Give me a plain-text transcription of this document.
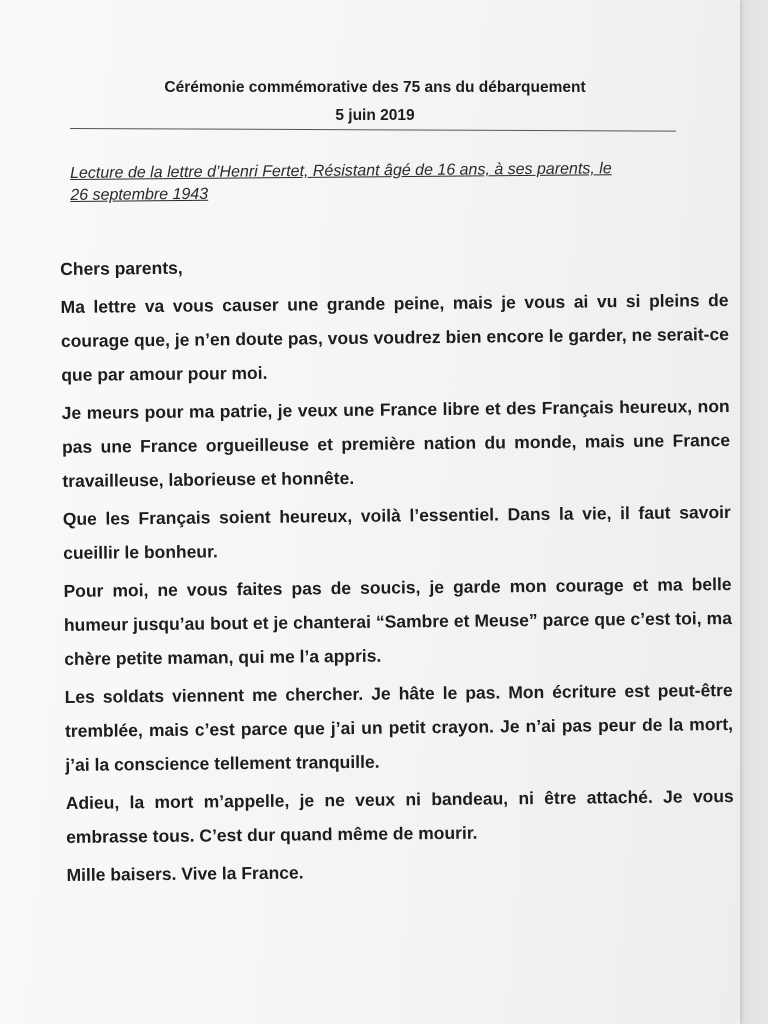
Cérémonie commémorative des 75 ans du débarquement
5 juin 2019
Lecture de la lettre d’Henri Fertet, Résistant âgé de 16 ans, à ses parents, le 26 septembre 1943

Chers parents,

Ma lettre va vous causer une grande peine, mais je vous ai vu si pleins de courage que, je n’en doute pas, vous voudrez bien encore le garder, ne serait-ce que par amour pour moi.

Je meurs pour ma patrie, je veux une France libre et des Français heureux, non pas une France orgueilleuse et première nation du monde, mais une France travailleuse, laborieuse et honnête.

Que les Français soient heureux, voilà l’essentiel. Dans la vie, il faut savoir cueillir le bonheur.

Pour moi, ne vous faites pas de soucis, je garde mon courage et ma belle humeur jusqu’au bout et je chanterai “Sambre et Meuse” parce que c’est toi, ma chère petite maman, qui me l’a appris.

Les soldats viennent me chercher. Je hâte le pas. Mon écriture est peut-être tremblée, mais c’est parce que j’ai un petit crayon. Je n’ai pas peur de la mort, j’ai la conscience tellement tranquille.

Adieu, la mort m’appelle, je ne veux ni bandeau, ni être attaché. Je vous embrasse tous. C’est dur quand même de mourir.

Mille baisers. Vive la France.
